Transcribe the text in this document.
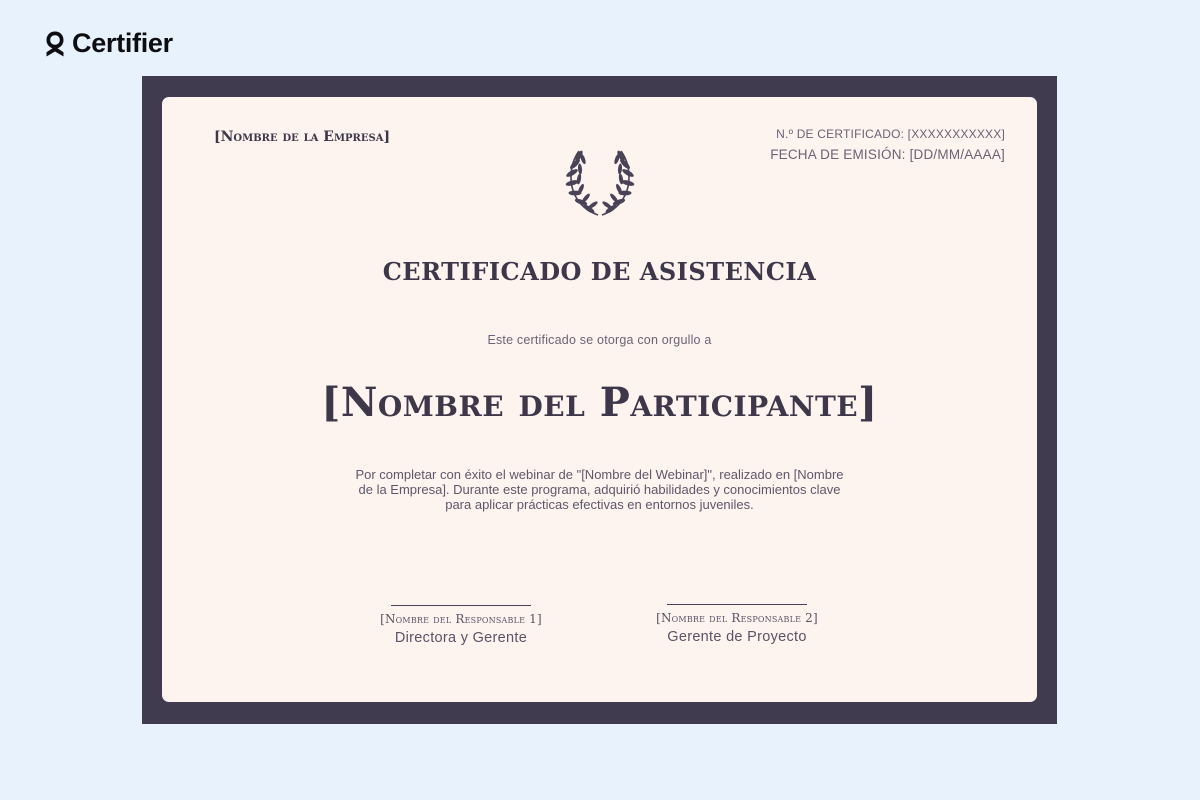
Certifier
[Nombre de la Empresa]	N.º DE CERTIFICADO: [XXXXXXXXXXX]
FECHA DE EMISIÓN: [DD/MM/AAAA]
CERTIFICADO DE ASISTENCIA
Este certificado se otorga con orgullo a
[Nombre del Participante]
Por completar con éxito el webinar de "[Nombre del Webinar]", realizado en [Nombre de la Empresa]. Durante este programa, adquirió habilidades y conocimientos clave para aplicar prácticas efectivas en entornos juveniles.
[Nombre del Responsable 1]
Directora y Gerente
[Nombre del Responsable 2]
Gerente de Proyecto
